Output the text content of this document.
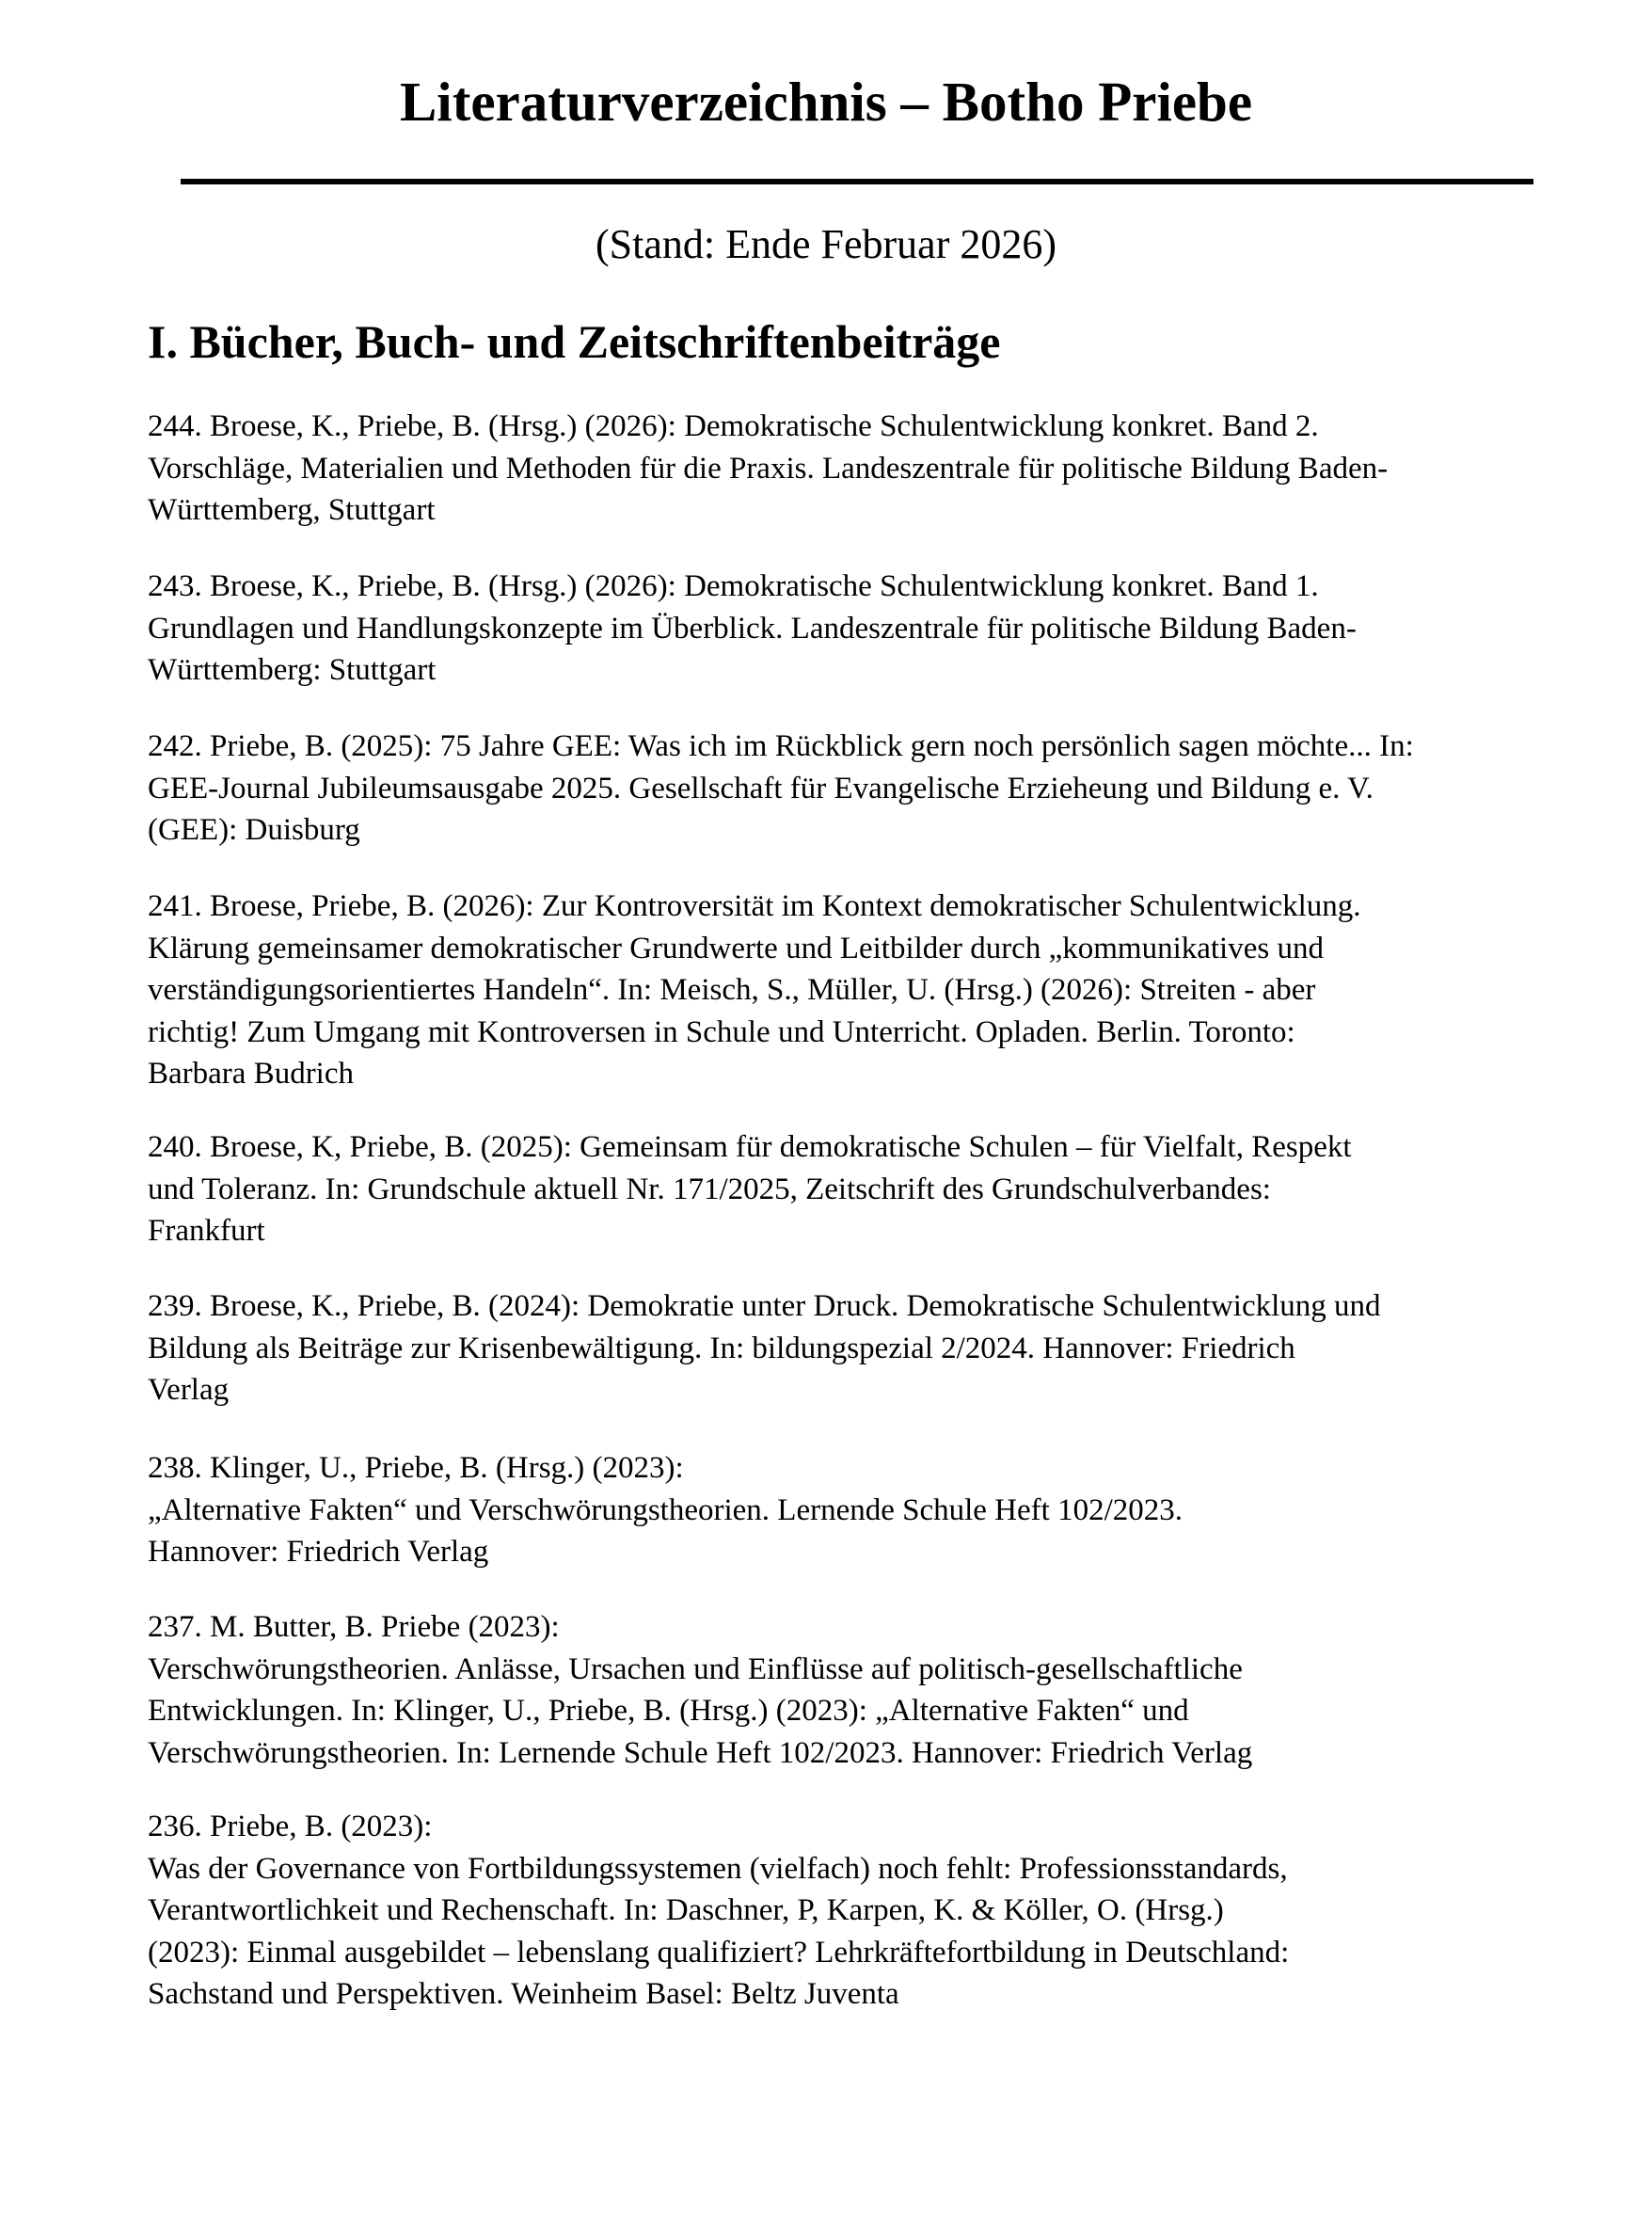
Literaturverzeichnis – Botho Priebe
(Stand: Ende Februar 2026)
I. Bücher, Buch- und Zeitschriftenbeiträge
244. Broese, K., Priebe, B. (Hrsg.) (2026): Demokratische Schulentwicklung konkret. Band 2.
Vorschläge, Materialien und Methoden für die Praxis. Landeszentrale für politische Bildung Baden-
Württemberg, Stuttgart
243. Broese, K., Priebe, B. (Hrsg.) (2026): Demokratische Schulentwicklung konkret. Band 1.
Grundlagen und Handlungskonzepte im Überblick. Landeszentrale für politische Bildung Baden-
Württemberg: Stuttgart
242. Priebe, B. (2025): 75 Jahre GEE: Was ich im Rückblick gern noch persönlich sagen möchte... In:
GEE-Journal Jubileumsausgabe 2025. Gesellschaft für Evangelische Erzieheung und Bildung e. V.
(GEE): Duisburg
241. Broese, Priebe, B. (2026): Zur Kontroversität im Kontext demokratischer Schulentwicklung.
Klärung gemeinsamer demokratischer Grundwerte und Leitbilder durch „kommunikatives und
verständigungsorientiertes Handeln“. In: Meisch, S., Müller, U. (Hrsg.) (2026): Streiten - aber
richtig! Zum Umgang mit Kontroversen in Schule und Unterricht. Opladen. Berlin. Toronto:
Barbara Budrich
240. Broese, K, Priebe, B. (2025): Gemeinsam für demokratische Schulen – für Vielfalt, Respekt
und Toleranz. In: Grundschule aktuell Nr. 171/2025, Zeitschrift des Grundschulverbandes:
Frankfurt
239. Broese, K., Priebe, B. (2024): Demokratie unter Druck. Demokratische Schulentwicklung und
Bildung als Beiträge zur Krisenbewältigung. In: bildungspezial 2/2024. Hannover: Friedrich
Verlag
238. Klinger, U., Priebe, B. (Hrsg.) (2023):
„Alternative Fakten“ und Verschwörungstheorien. Lernende Schule Heft 102/2023.
Hannover: Friedrich Verlag
237. M. Butter, B. Priebe (2023):
Verschwörungstheorien. Anlässe, Ursachen und Einflüsse auf politisch-gesellschaftliche
Entwicklungen. In: Klinger, U., Priebe, B. (Hrsg.) (2023): „Alternative Fakten“ und
Verschwörungstheorien. In: Lernende Schule Heft 102/2023. Hannover: Friedrich Verlag
236. Priebe, B. (2023):
Was der Governance von Fortbildungssystemen (vielfach) noch fehlt: Professionsstandards,
Verantwortlichkeit und Rechenschaft. In: Daschner, P, Karpen, K. & Köller, O. (Hrsg.)
(2023): Einmal ausgebildet – lebenslang qualifiziert? Lehrkräftefortbildung in Deutschland:
Sachstand und Perspektiven. Weinheim Basel: Beltz Juventa
